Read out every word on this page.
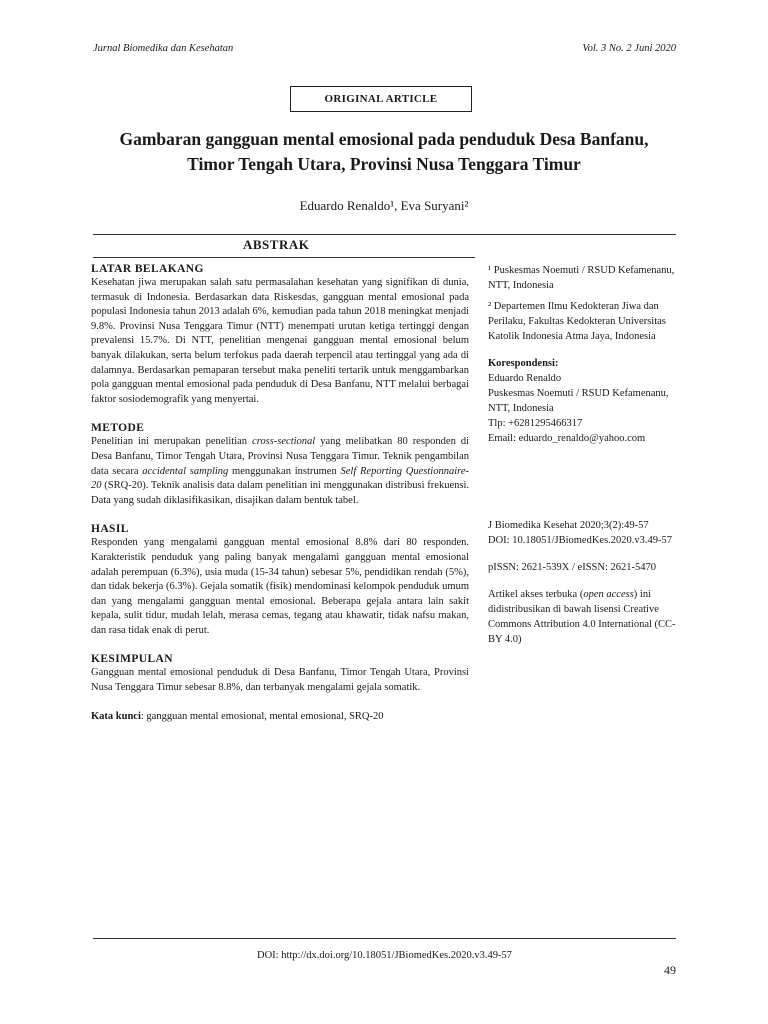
Jurnal Biomedika dan Kesehatan	Vol. 3 No. 2 Juni 2020
ORIGINAL ARTICLE
Gambaran gangguan mental emosional pada penduduk Desa Banfanu, Timor Tengah Utara, Provinsi Nusa Tenggara Timur
Eduardo Renaldo¹, Eva Suryani²
ABSTRAK

LATAR BELAKANG

Kesehatan jiwa merupakan salah satu permasalahan kesehatan yang signifikan di dunia, termasuk di Indonesia. Berdasarkan data Riskesdas, gangguan mental emosional pada populasi Indonesia tahun 2013 adalah 6%, kemudian pada tahun 2018 meningkat menjadi 9.8%. Provinsi Nusa Tenggara Timur (NTT) menempati urutan ketiga tertinggi dengan prevalensi 15.7%. Di NTT, penelitian mengenai gangguan mental emosional belum banyak dilakukan, serta belum terfokus pada daerah terpencil atau tertinggal yang ada di dalamnya. Berdasarkan pemaparan tersebut maka peneliti tertarik untuk menggambarkan pola gangguan mental emosional pada penduduk di Desa Banfanu, NTT melalui berbagai faktor sosiodemografik yang menyertai.

METODE

Penelitian ini merupakan penelitian cross-sectional yang melibatkan 80 responden di Desa Banfanu, Timor Tengah Utara, Provinsi Nusa Tenggara Timur. Teknik pengambilan data secara accidental sampling menggunakan instrumen Self Reporting Questionnaire-20 (SRQ-20). Teknik analisis data dalam penelitian ini menggunakan distribusi frekuensi. Data yang sudah diklasifikasikan, disajikan dalam bentuk tabel.

HASIL

Responden yang mengalami gangguan mental emosional 8.8% dari 80 responden. Karakteristik penduduk yang paling banyak mengalami gangguan mental emosional adalah perempuan (6.3%), usia muda (15-34 tahun) sebesar 5%, pendidikan rendah (5%), dan tidak bekerja (6.3%). Gejala somatik (fisik) mendominasi kelompok penduduk umum dan yang mengalami gangguan mental emosional. Beberapa gejala antara lain sakit kepala, sulit tidur, mudah lelah, merasa cemas, tegang atau khawatir, tidak nafsu makan, dan rasa tidak enak di perut.

KESIMPULAN

Gangguan mental emosional penduduk di Desa Banfanu, Timor Tengah Utara, Provinsi Nusa Tenggara Timur sebesar 8.8%, dan terbanyak mengalami gejala somatik.

Kata kunci: gangguan mental emosional, mental emosional, SRQ-20

¹ Puskesmas Noemuti / RSUD Kefamenanu, NTT, Indonesia

² Departemen Ilmu Kedokteran Jiwa dan Perilaku, Fakultas Kedokteran Universitas Katolik Indonesia Atma Jaya, Indonesia

Korespondensi:

Eduardo Renaldo

Puskesmas Noemuti / RSUD Kefamenanu, NTT, Indonesia

Tlp: +6281295466317

Email: eduardo_renaldo@yahoo.com

J Biomedika Kesehat 2020;3(2):49-57

DOI: 10.18051/JBiomedKes.2020.v3.49-57

pISSN: 2621-539X / eISSN: 2621-5470

Artikel akses terbuka (open access) ini didistribusikan di bawah lisensi Creative Commons Attribution 4.0 International (CC-BY 4.0)

DOI: http://dx.doi.org/10.18051/JBiomedKes.2020.v3.49-57
49
